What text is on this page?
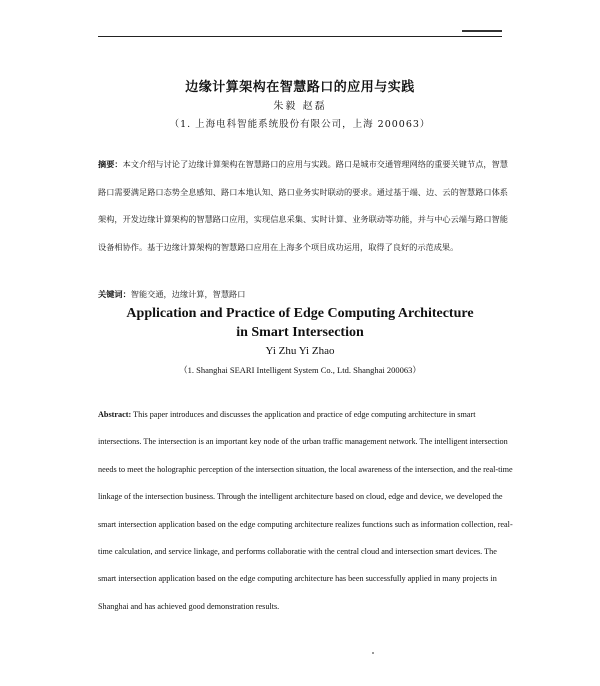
边缘计算架构在智慧路口的应用与实践
朱毅 赵磊
（1. 上海电科智能系统股份有限公司，上海 200063）
摘要：本文介绍与讨论了边缘计算架构在智慧路口的应用与实践。路口是城市交通管理网络的重要关键节点，智慧路口需要满足路口态势全息感知、路口本地认知、路口业务实时联动的要求。通过基于端、边、云的智慧路口体系架构，开发边缘计算架构的智慧路口应用，实现信息采集、实时计算、业务联动等功能，并与中心云端与路口智能设备相协作。基于边缘计算架构的智慧路口应用在上海多个项目成功运用，取得了良好的示范成果。
关键词：智能交通，边缘计算，智慧路口
Application and Practice of Edge Computing Architecture
in Smart Intersection
Yi Zhu Yi Zhao
（1. Shanghai SEARI Intelligent System Co., Ltd. Shanghai 200063）
Abstract: This paper introduces and discusses the application and practice of edge computing architecture in smart intersections. The intersection is an important key node of the urban traffic management network. The intelligent intersection needs to meet the holographic perception of the intersection situation, the local awareness of the intersection, and the real-time linkage of the intersection business. Through the intelligent architecture based on cloud, edge and device, we developed the smart intersection application based on the edge computing architecture realizes functions such as information collection, real-time calculation, and service linkage, and performs collaboratie with the central cloud and intersection smart devices. The smart intersection application based on the edge computing architecture has been successfully applied in many projects in Shanghai and has achieved good demonstration results.
